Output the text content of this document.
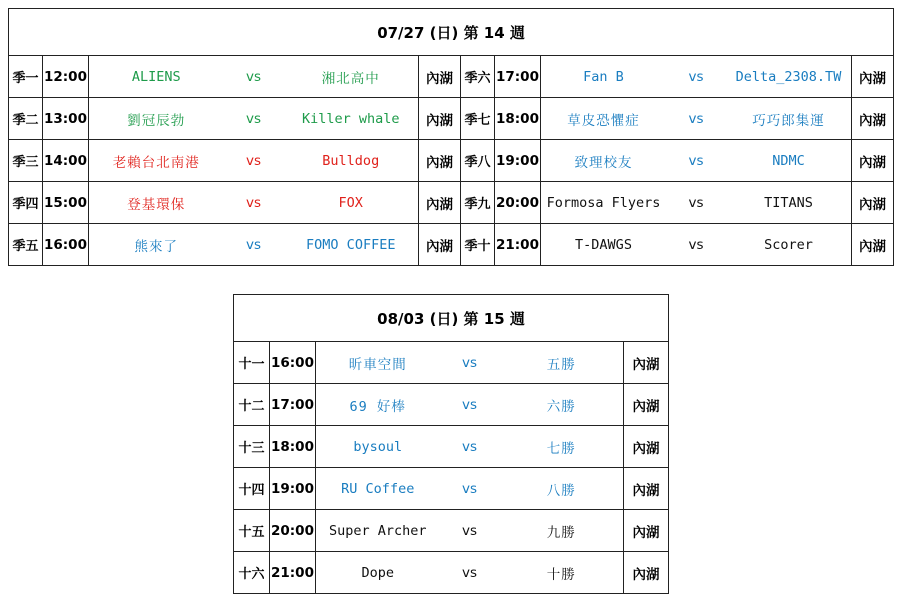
07/27 (日) 第 14 週							
季一	12:00	ALIENS vs 湘北高中	內湖	季六	17:00	Fan B vs Delta_2308.TW	內湖
季二	13:00	劉冠辰勃 vs Killer whale	內湖	季七	18:00	草皮恐懼症 vs 巧巧郎集運	內湖
季三	14:00	老賴台北南港 vs Bulldog	內湖	季八	19:00	致理校友 vs NDMC	內湖
季四	15:00	登基環保 vs FOX	內湖	季九	20:00	Formosa Flyers vs TITANS	內湖
季五	16:00	熊來了 vs FOMO COFFEE	內湖	季十	21:00	T-DAWGS vs Scorer	內湖
08/03 (日) 第 15 週			
十一	16:00	昕車空間 vs 五勝	內湖
十二	17:00	69 好棒 vs 六勝	內湖
十三	18:00	bysoul vs 七勝	內湖
十四	19:00	RU Coffee vs 八勝	內湖
十五	20:00	Super Archer vs 九勝	內湖
十六	21:00	Dope vs 十勝	內湖
